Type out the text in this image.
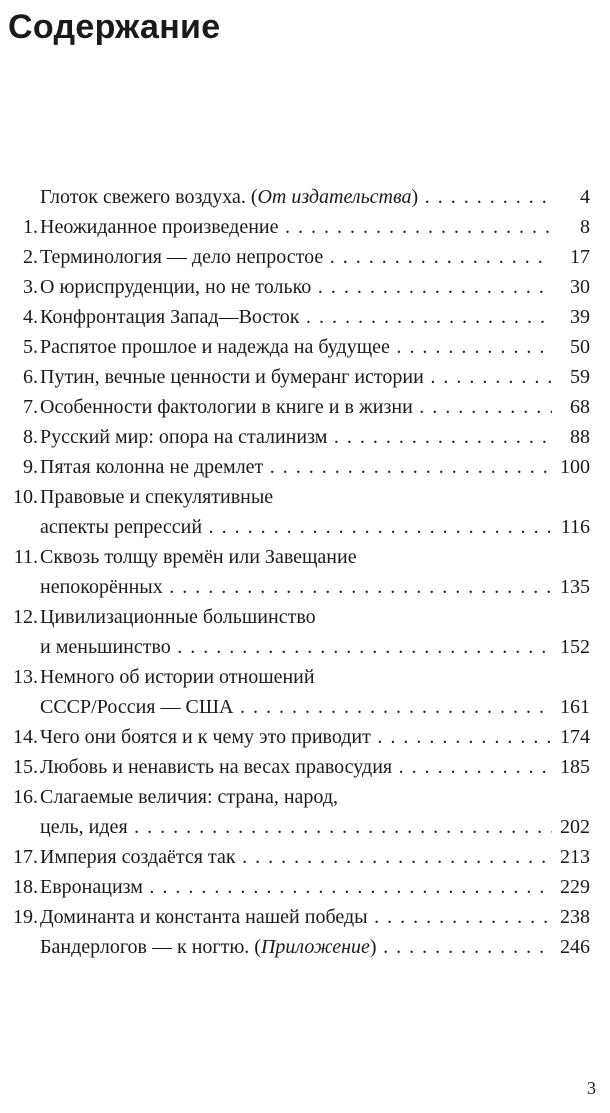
Содержание
Глоток свежего воздуха. (От издательства) . . .	4
1. Неожиданное произведение . . .	8
2. Терминология — дело непростое . . .	17
3. О юриспруденции, но не только . . .	30
4. Конфронтация Запад—Восток . . .	39
5. Распятое прошлое и надежда на будущее . . .	50
6. Путин, вечные ценности и бумеранг истории . . .	59
7. Особенности фактологии в книге и в жизни . . .	68
8. Русский мир: опора на сталинизм . . .	88
9. Пятая колонна не дремлет . . .	100
10. Правовые и спекулятивные
аспекты репрессий . . .	116
11. Сквозь толщу времён или Завещание
непокорённых . . .	135
12. Цивилизационные большинство
и меньшинство . . .	152
13. Немного об истории отношений
СССР/Россия — США . . .	161
14. Чего они боятся и к чему это приводит . . .	174
15. Любовь и ненависть на весах правосудия . . .	185
16. Слагаемые величия: страна, народ,
цель, идея . . .	202
17. Империя создаётся так . . .	213
18. Евронацизм . . .	229
19. Доминанта и константа нашей победы . . .	238
Бандерлогов — к ногтю. (Приложение) . . .	246
3
